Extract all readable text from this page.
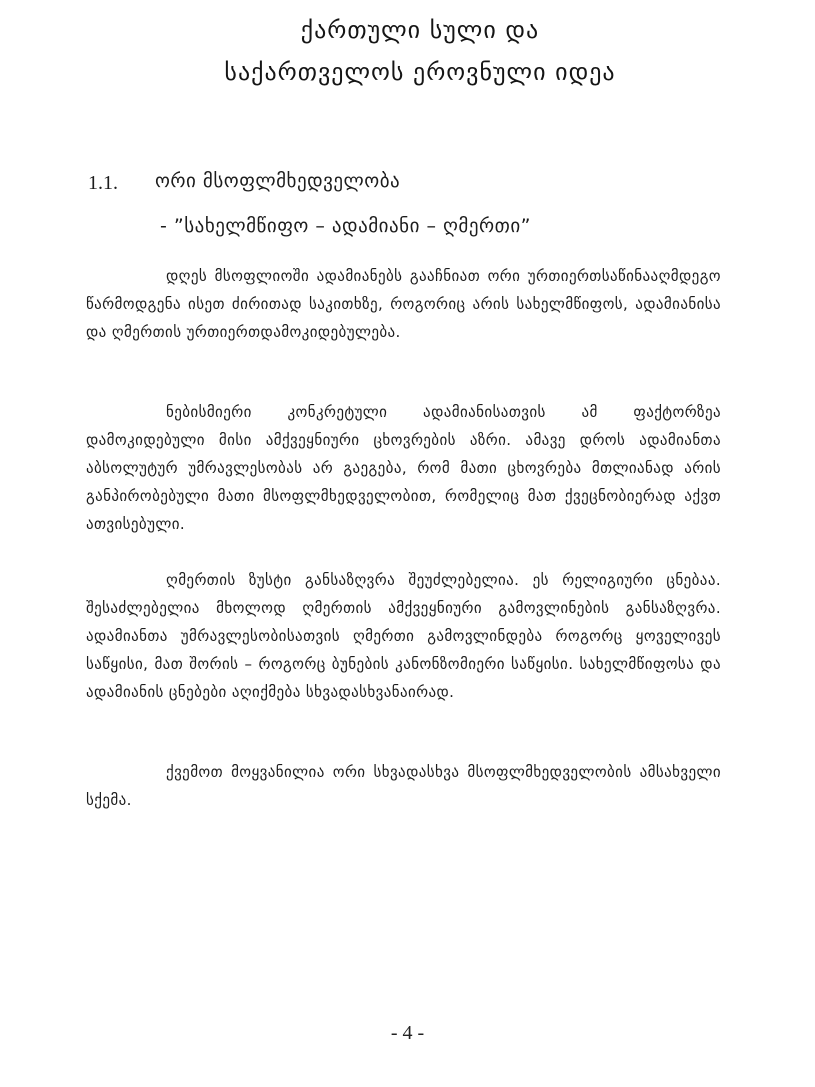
ქართული სული და
საქართველოს ეროვნული იდეა
1.1. ორი მსოფლმხედველობა
- ”სახელმწიფო – ადამიანი – ღმერთი”

დღეს მსოფლიოში ადამიანებს გააჩნიათ ორი ურთიერთსაწინააღმდეგო წარმოდგენა ისეთ ძირითად საკითხზე, როგორიც არის სახელმწიფოს, ადამიანისა და ღმერთის ურთიერთდამოკიდებულება.

ნებისმიერი კონკრეტული ადამიანისათვის ამ ფაქტორზეა დამოკიდებული მისი ამქვეყნიური ცხოვრების აზრი. ამავე დროს ადამიანთა აბსოლუტურ უმრავლესობას არ გაეგება, რომ მათი ცხოვრება მთლიანად არის განპირობებული მათი მსოფლმხედველობით, რომელიც მათ ქვეცნობიერად აქვთ ათვისებული.

ღმერთის ზუსტი განსაზღვრა შეუძლებელია. ეს რელიგიური ცნებაა. შესაძლებელია მხოლოდ ღმერთის ამქვეყნიური გამოვლინების განსაზღვრა. ადამიანთა უმრავლესობისათვის ღმერთი გამოვლინდება როგორც ყოველივეს საწყისი, მათ შორის – როგორც ბუნების კანონზომიერი საწყისი. სახელმწიფოსა და ადამიანის ცნებები აღიქმება სხვადასხვანაირად.

ქვემოთ მოყვანილია ორი სხვადასხვა მსოფლმხედველობის ამსახველი სქემა.

- 4 -
